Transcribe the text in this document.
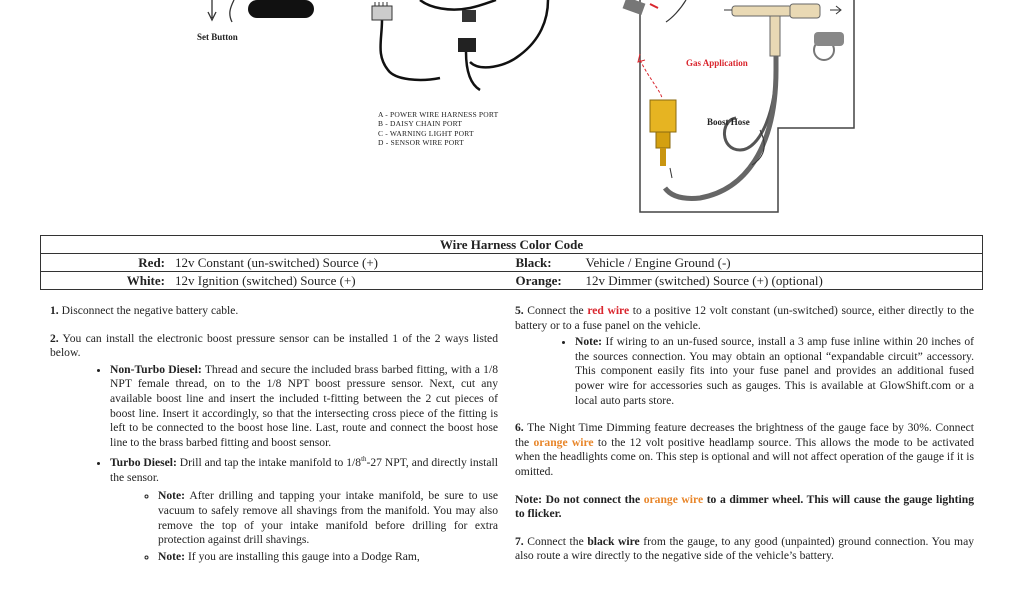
Set Button
A - POWER WIRE HARNESS PORT
B - DAISY CHAIN PORT
C - WARNING LIGHT PORT
D - SENSOR WIRE PORT
Gas Application
Boost Hose
Wire Harness Color Code	
Red: 12v Constant (un-switched) Source (+)	Black: Vehicle / Engine Ground (-)
White: 12v Ignition (switched) Source (+)	Orange: 12v Dimmer (switched) Source (+) (optional)

1. Disconnect the negative battery cable.

2. You can install the electronic boost pressure sensor can be installed 1 of the 2 ways listed below.

• Non-Turbo Diesel: Thread and secure the included brass barbed fitting, with a 1/8 NPT female thread, on to the 1/8 NPT boost pressure sensor. Next, cut any available boost line and insert the included t-fitting between the 2 cut pieces of boost line. Insert it accordingly, so that the intersecting cross piece of the fitting is left to be connected to the boost hose line. Last, route and connect the boost hose line to the brass barbed fitting and boost sensor.
• Turbo Diesel: Drill and tap the intake manifold to 1/8th-27 NPT, and directly install the sensor.
◦ Note: After drilling and tapping your intake manifold, be sure to use vacuum to safely remove all shavings from the manifold. You may also remove the top of your intake manifold before drilling for extra protection against drill shavings.
◦ Note: If you are installing this gauge into a Dodge Ram,

5. Connect the red wire to a positive 12 volt constant (un-switched) source, either directly to the battery or to a fuse panel on the vehicle.

• Note: If wiring to an un-fused source, install a 3 amp fuse inline within 20 inches of the sources connection. You may obtain an optional “expandable circuit” accessory. This component easily fits into your fuse panel and provides an additional fused power wire for accessories such as gauges. This is available at GlowShift.com or a local auto parts store.

6. The Night Time Dimming feature decreases the brightness of the gauge face by 30%. Connect the orange wire to the 12 volt positive headlamp source. This allows the mode to be activated when the headlights come on. This step is optional and will not affect operation of the gauge if it is omitted.

Note: Do not connect the orange wire to a dimmer wheel. This will cause the gauge lighting to flicker.

7. Connect the black wire from the gauge, to any good (unpainted) ground connection. You may also route a wire directly to the negative side of the vehicle’s battery.
